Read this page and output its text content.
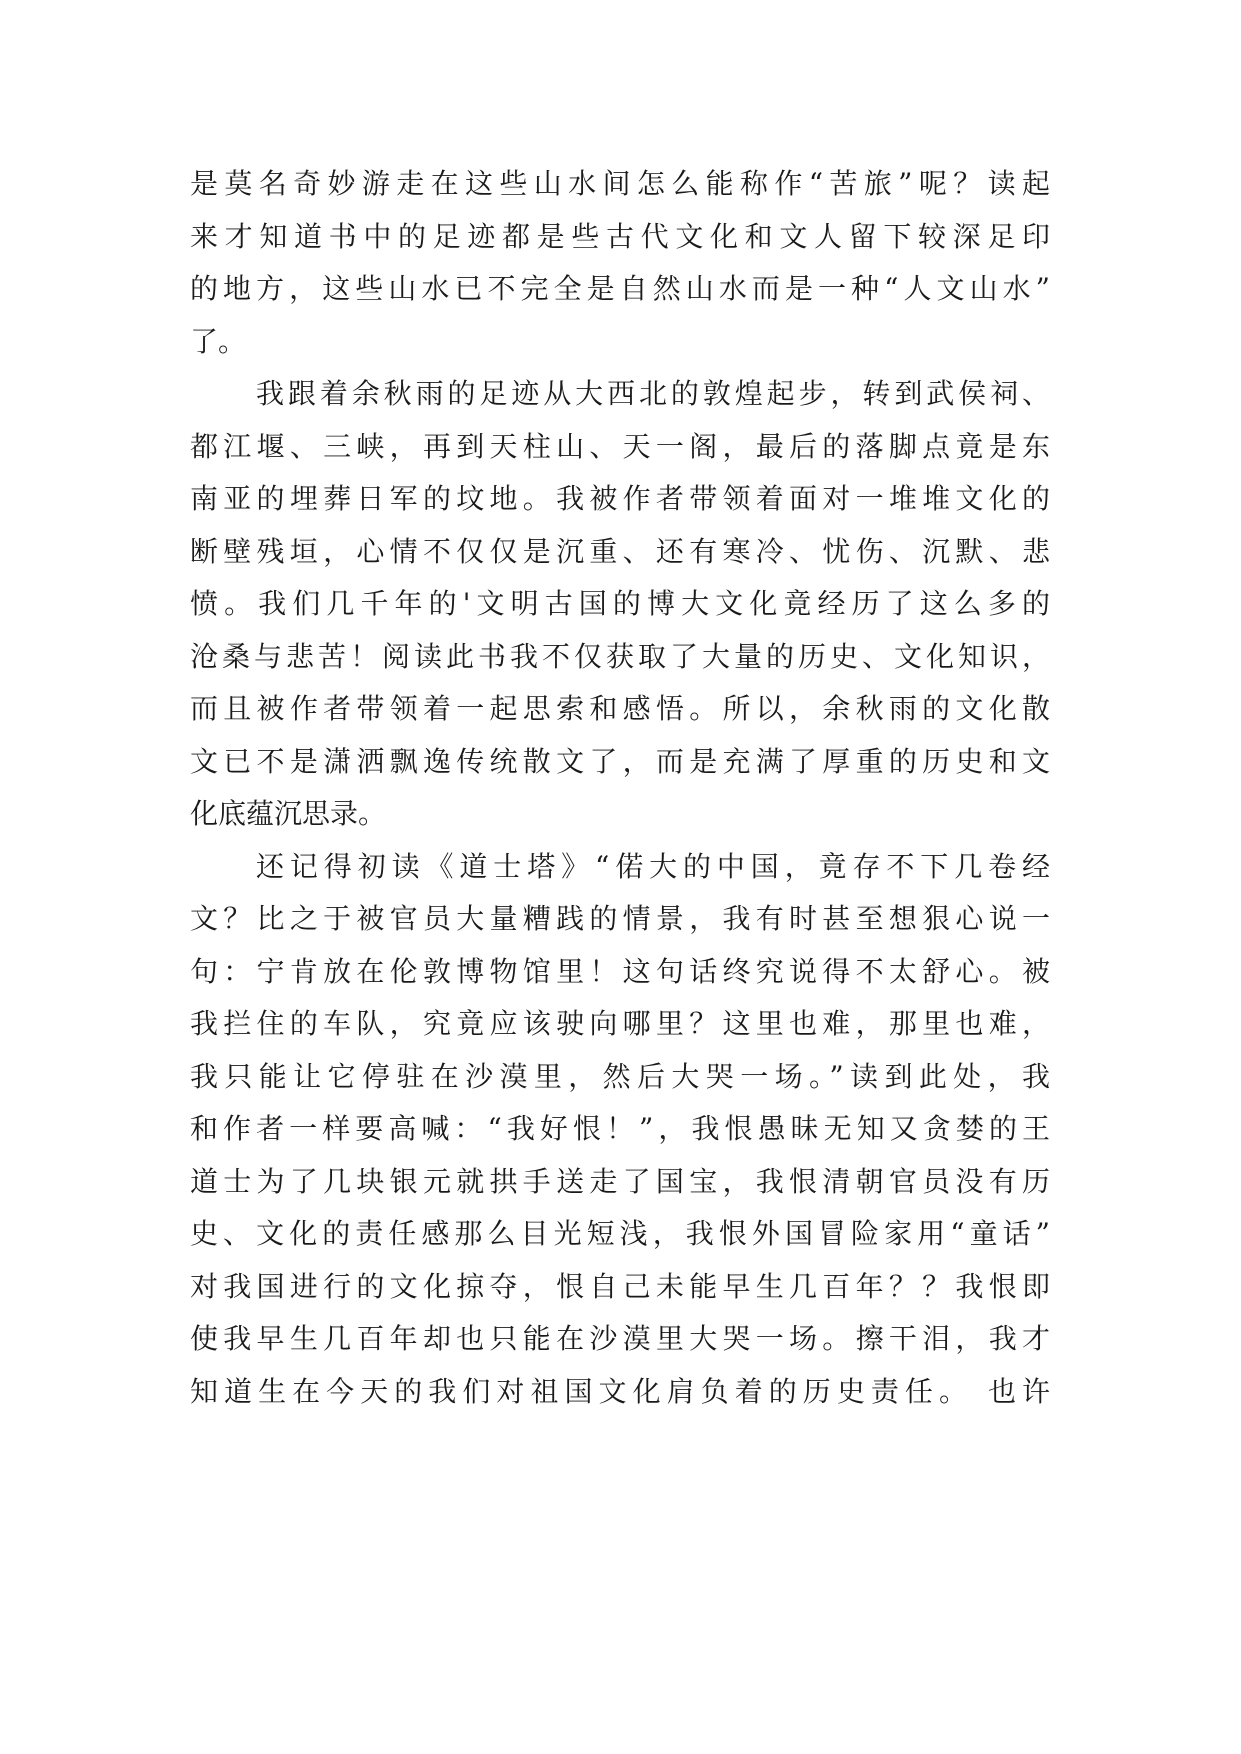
是莫名奇妙游走在这些山水间怎么能称作“苦旅”呢？读起
来才知道书中的足迹都是些古代文化和文人留下较深足印
的地方，这些山水已不完全是自然山水而是一种“人文山水”
了。
我跟着余秋雨的足迹从大西北的敦煌起步，转到武侯祠、
都江堰、三峡，再到天柱山、天一阁，最后的落脚点竟是东
南亚的埋葬日军的坟地。我被作者带领着面对一堆堆文化的
断壁残垣，心情不仅仅是沉重、还有寒冷、忧伤、沉默、悲
愤。我们几千年的'文明古国的博大文化竟经历了这么多的
沧桑与悲苦！阅读此书我不仅获取了大量的历史、文化知识，
而且被作者带领着一起思索和感悟。所以，余秋雨的文化散
文已不是潇洒飘逸传统散文了，而是充满了厚重的历史和文
化底蕴沉思录。
还记得初读《道士塔》“偌大的中国，竟存不下几卷经
文？比之于被官员大量糟践的情景，我有时甚至想狠心说一
句：宁肯放在伦敦博物馆里！这句话终究说得不太舒心。被
我拦住的车队，究竟应该驶向哪里？这里也难，那里也难，
我只能让它停驻在沙漠里，然后大哭一场。”读到此处，我
和作者一样要高喊：“我好恨！”，我恨愚昧无知又贪婪的王
道士为了几块银元就拱手送走了国宝，我恨清朝官员没有历
史、文化的责任感那么目光短浅，我恨外国冒险家用“童话”
对我国进行的文化掠夺，恨自己未能早生几百年？？我恨即
使我早生几百年却也只能在沙漠里大哭一场。擦干泪，我才
知道生在今天的我们对祖国文化肩负着的历史责任。 也许
